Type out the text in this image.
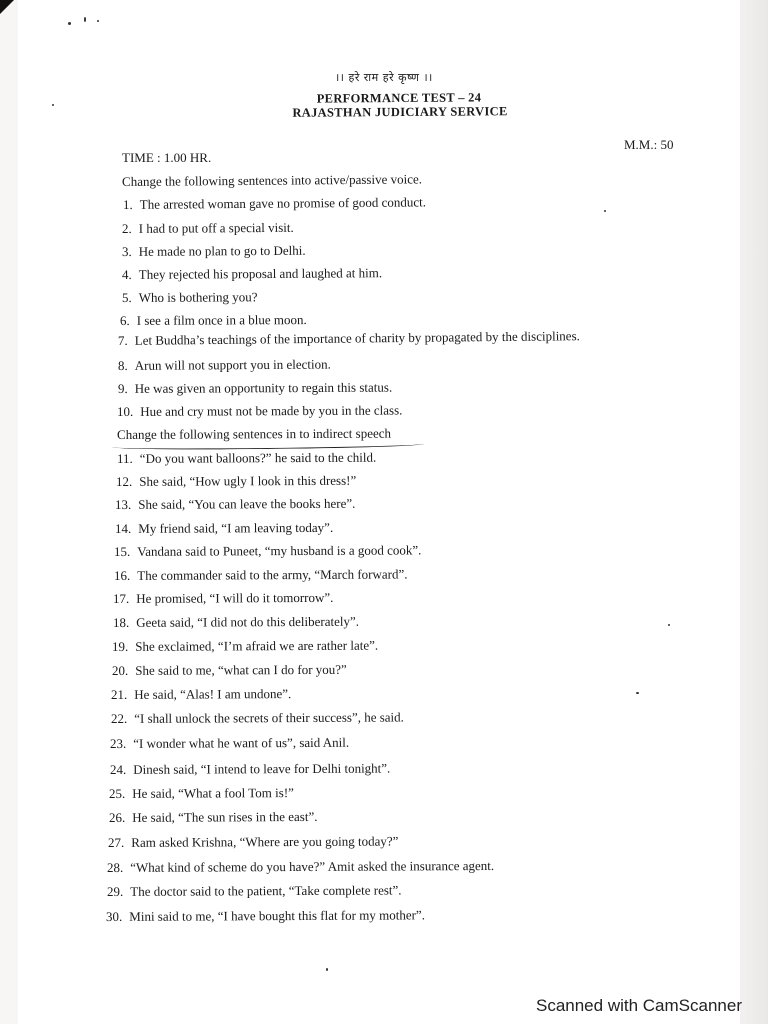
।। हरे राम हरे कृष्ण ।।
PERFORMANCE TEST – 24
RAJASTHAN JUDICIARY SERVICE
TIME : 1.00 HR.
M.M.: 50
Change the following sentences into active/passive voice.
Change the following sentences in to indirect speech
1. The arrested woman gave no promise of good conduct.
2. I had to put off a special visit.
3. He made no plan to go to Delhi.
4. They rejected his proposal and laughed at him.
5. Who is bothering you?
6. I see a film once in a blue moon.
7. Let Buddha’s teachings of the importance of charity by propagated by the disciplines.
8. Arun will not support you in election.
9. He was given an opportunity to regain this status.
10. Hue and cry must not be made by you in the class.
11. “Do you want balloons?” he said to the child.
12. She said, “How ugly I look in this dress!”
13. She said, “You can leave the books here”.
14. My friend said, “I am leaving today”.
15. Vandana said to Puneet, “my husband is a good cook”.
16. The commander said to the army, “March forward”.
17. He promised, “I will do it tomorrow”.
18. Geeta said, “I did not do this deliberately”.
19. She exclaimed, “I’m afraid we are rather late”.
20. She said to me, “what can I do for you?”
21. He said, “Alas! I am undone”.
22. “I shall unlock the secrets of their success”, he said.
23. “I wonder what he want of us”, said Anil.
24. Dinesh said, “I intend to leave for Delhi tonight”.
25. He said, “What a fool Tom is!”
26. He said, “The sun rises in the east”.
27. Ram asked Krishna, “Where are you going today?”
28. “What kind of scheme do you have?” Amit asked the insurance agent.
29. The doctor said to the patient, “Take complete rest”.
30. Mini said to me, “I have bought this flat for my mother”.
Scanned with CamScanner
